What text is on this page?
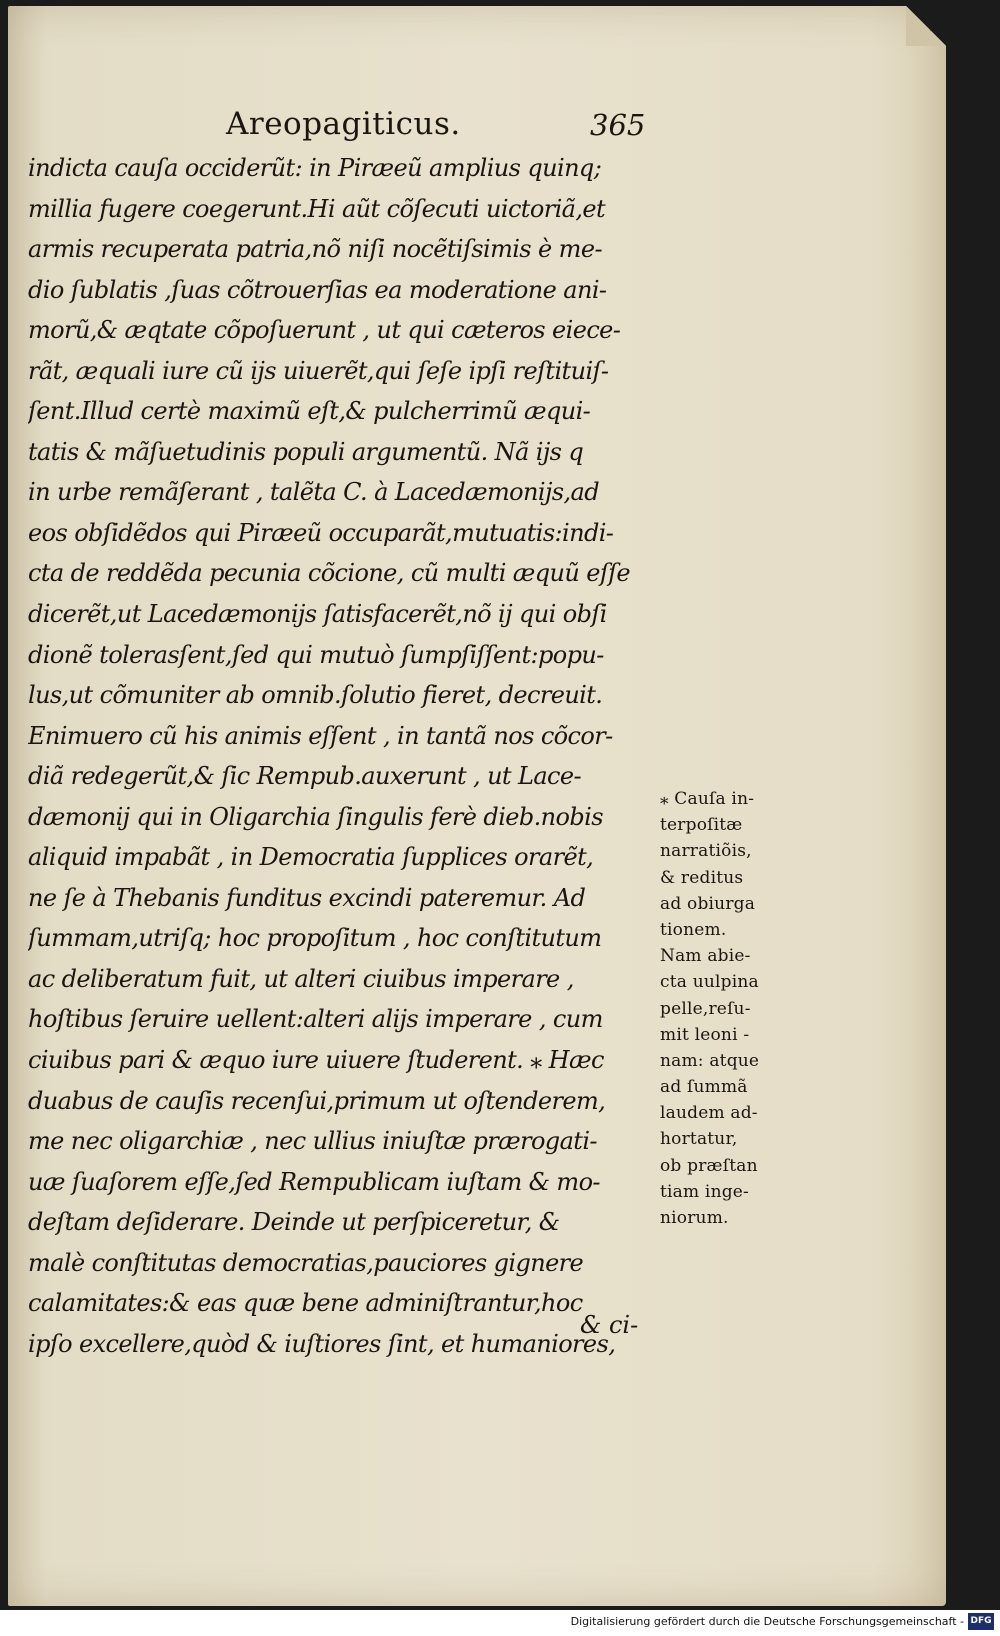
Areopagiticus.	365
indicta cauſa occiderũt: in Piræeũ amplius quinq;
millia fugere coegerunt.Hi aũt cõſecuti uictoriã,et
armis recuperata patria,nõ niſi nocẽtiſsimis è me-
dio ſublatis ,ſuas cõtrouerſias ea moderatione ani-
morũ,& æqtate cõpoſuerunt , ut qui cæteros eiece-
rãt, æquali iure cũ ijs uiuerẽt,qui ſeſe ipſi reſtituiſ-
ſent.Illud certè maximũ eſt,& pulcherrimũ æqui-
tatis & mãſuetudinis populi argumentũ. Nã ijs q
in urbe remãſerant , talẽta C. à Lacedæmonijs,ad
eos obſidẽdos qui Piræeũ occuparãt,mutuatis:indi-
cta de reddẽda pecunia cõcione, cũ multi æquũ eſſe
dicerẽt,ut Lacedæmonijs ſatisfacerẽt,nõ ij qui obſi
dionẽ tolerasſent,ſed qui mutuò ſumpſiſſent:popu-
lus,ut cõmuniter ab omnib.ſolutio fieret, decreuit.
Enimuero cũ his animis eſſent , in tantã nos cõcor-
diã redegerũt,& ſic Rempub.auxerunt , ut Lace-
dæmonij qui in Oligarchia ſingulis ferè dieb.nobis
aliquid impabãt , in Democratia ſupplices orarẽt,
ne ſe à Thebanis funditus excindi pateremur. Ad
ſummam,utriſq; hoc propoſitum , hoc conſtitutum
ac deliberatum fuit, ut alteri ciuibus imperare ,
hoſtibus ſeruire uellent:alteri alijs imperare , cum
ciuibus pari & æquo iure uiuere ſtuderent. ⁎ Hæc
duabus de cauſis recenſui,primum ut oſtenderem,
me nec oligarchiæ , nec ullius iniuſtæ prærogati-
uæ ſuaſorem eſſe,ſed Rempublicam iuſtam & mo-
deſtam deſiderare. Deinde ut perſpiceretur, &
malè conſtitutas democratias,pauciores gignere
calamitates:& eas quæ bene adminiſtrantur,hoc
ipſo excellere,quòd & iuſtiores ſint, et humaniores,
⁎ Cauſa in-
terpoſitæ
narratiõis,
& reditus
ad obiurga
tionem.
Nam abie-
cta uulpina
pelle,reſu-
mit leoni -
nam: atque
ad ſummã
laudem ad-
hortatur,
ob præſtan
tiam inge-
niorum.
& ci-
Digitalisierung gefördert durch die Deutsche Forschungsgemeinschaft - DFG
